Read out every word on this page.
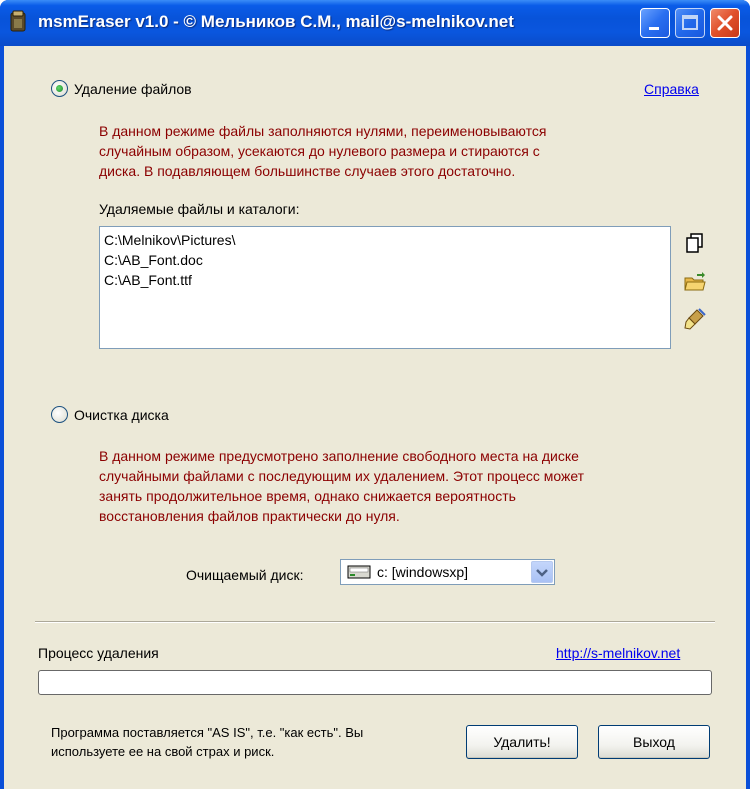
msmEraser v1.0 - © Мельников С.М., mail@s-melnikov.net
Удаление файлов	Справка
В данном режиме файлы заполняются нулями, переименовываются
случайным образом, усекаются до нулевого размера и стираются с
диска. В подавляющем большинстве случаев этого достаточно.
Удаляемые файлы и каталоги:
C:\Melnikov\Pictures\
C:\AB_Font.doc
C:\AB_Font.ttf
Очистка диска
В данном режиме предусмотрено заполнение свободного места на диске
случайными файлами с последующим их удалением. Этот процесс может
занять продолжительное время, однако снижается вероятность
восстановления файлов практически до нуля.
Очищаемый диск:	c: [windowsxp]
Процесс удаления	http://s-melnikov.net
Программа поставляется "AS IS", т.е. "как есть". Вы
используете ее на свой страх и риск.
Удалить!	Выход
